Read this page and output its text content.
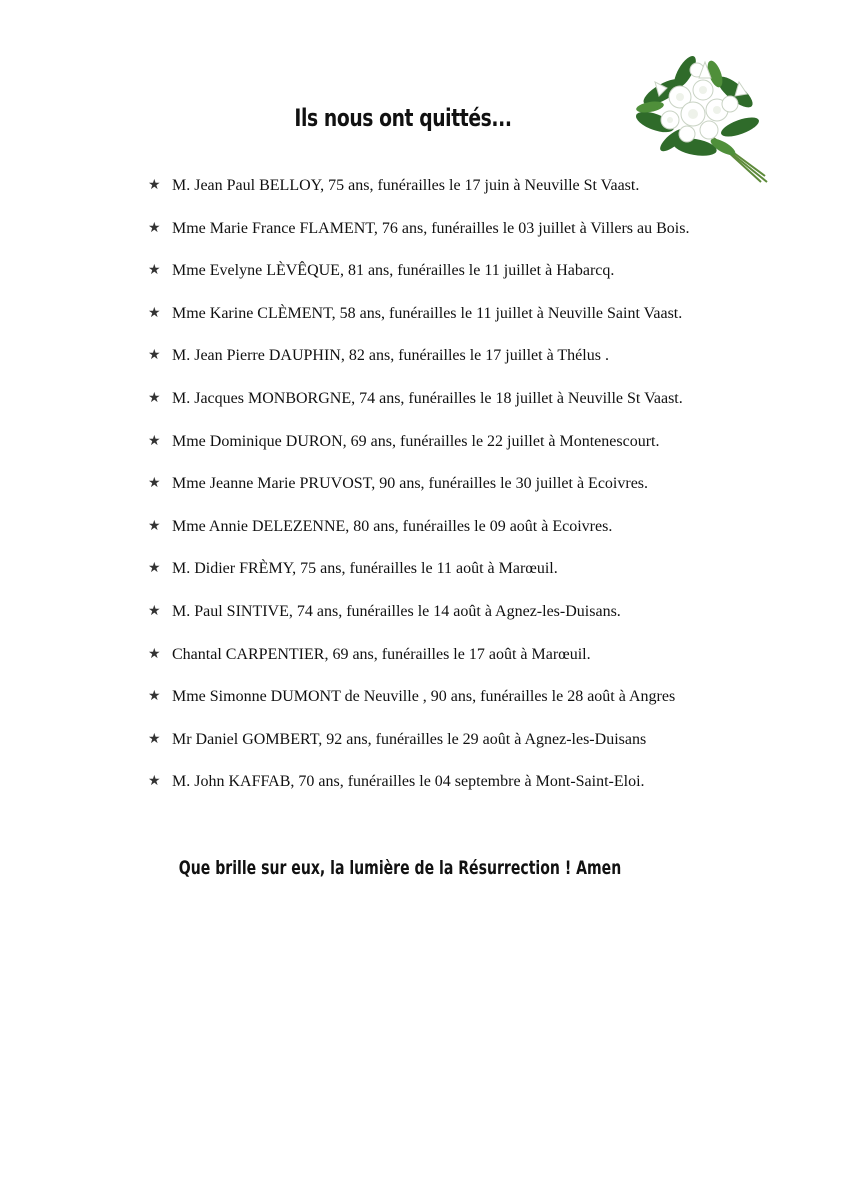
Ils nous ont quittés...
★ M. Jean Paul BELLOY, 75 ans, funérailles le 17 juin à Neuville St Vaast.
★ Mme Marie France FLAMENT, 76 ans, funérailles le 03 juillet à Villers au Bois.
★ Mme Evelyne LÈVÊQUE, 81 ans, funérailles le 11 juillet à Habarcq.
★ Mme Karine CLÈMENT, 58 ans, funérailles le 11 juillet à Neuville Saint Vaast.
★ M. Jean Pierre DAUPHIN, 82 ans, funérailles le 17 juillet à Thélus .
★ M. Jacques MONBORGNE, 74 ans, funérailles le 18 juillet à Neuville St Vaast.
★ Mme Dominique DURON, 69 ans, funérailles le 22 juillet à Montenescourt.
★ Mme Jeanne Marie PRUVOST, 90 ans, funérailles le 30 juillet à Ecoivres.
★ Mme Annie DELEZENNE, 80 ans, funérailles le 09 août à Ecoivres.
★ M. Didier FRÈMY, 75 ans, funérailles le 11 août à Marœuil.
★ M. Paul SINTIVE, 74 ans, funérailles le 14 août à Agnez-les-Duisans.
★ Chantal CARPENTIER, 69 ans, funérailles le 17 août à Marœuil.
★ Mme Simonne DUMONT de Neuville , 90 ans, funérailles le 28 août à Angres
★ Mr Daniel GOMBERT, 92 ans, funérailles le 29 août à Agnez-les-Duisans
★ M. John KAFFAB, 70 ans, funérailles le 04 septembre à Mont-Saint-Eloi.
Que brille sur eux, la lumière de la Résurrection ! Amen
